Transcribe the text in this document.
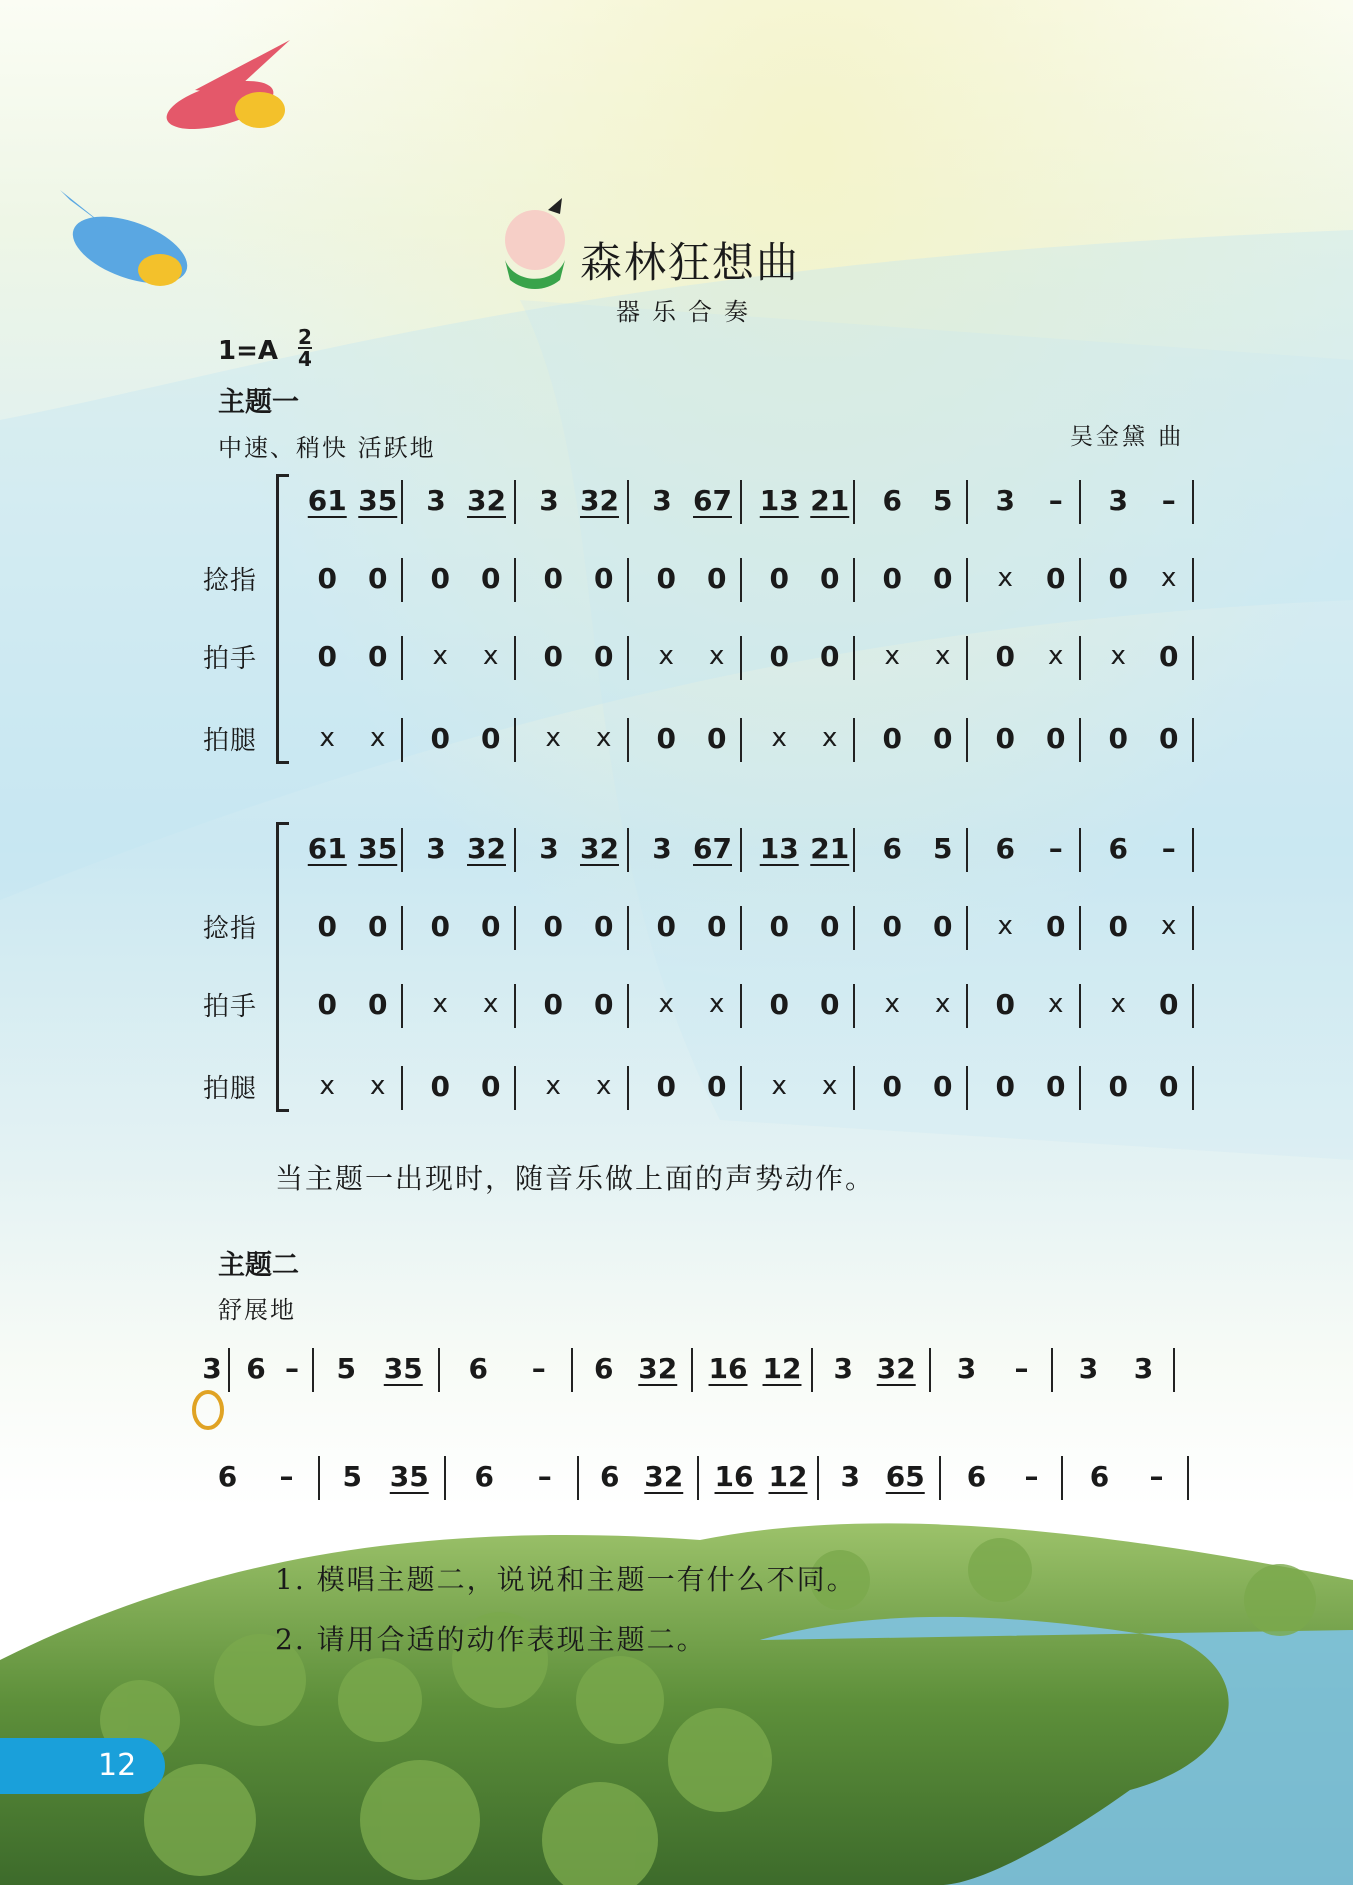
森林狂想曲
器乐合奏
1=A 2
4
主题一
中速、稍快 活跃地	吴金黛 曲
61 35 3 32 3 32 3 67 13 21 6 5 3 – 3 –
捻指 0 0 0 0 0 0 0 0 0 0 0 0 x 0 0 x
拍手 0 0 x x 0 0 x x 0 0 x x 0 x x 0
拍腿 x x 0 0 x x 0 0 x x 0 0 0 0 0 0
61 35 3 32 3 32 3 67 13 21 6 5 6 – 6 –
捻指 0 0 0 0 0 0 0 0 0 0 0 0 x 0 0 x
拍手 0 0 x x 0 0 x x 0 0 x x 0 x x 0
拍腿 x x 0 0 x x 0 0 x x 0 0 0 0 0 0
当主题一出现时，随音乐做上面的声势动作。
主题二
舒展地
3 6 – 5 35 6 – 6 32 16 12 3 32 3 – 3 3
6 – 5 35 6 – 6 32 16 12 3 65 6 – 6 –
1. 模唱主题二，说说和主题一有什么不同。
2. 请用合适的动作表现主题二。
12
